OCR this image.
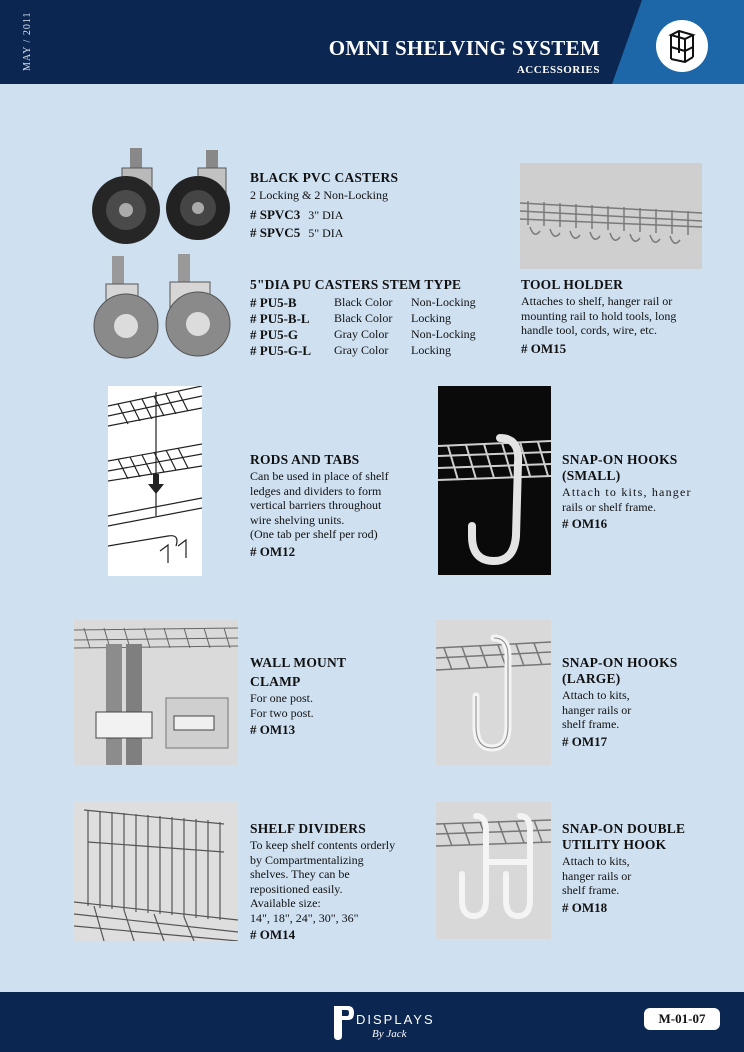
MAY / 2011	OMNI SHELVING SYSTEM
ACCESSORIES
BLACK PVC CASTERS
2 Locking & 2 Non-Locking
# SPVC3 3" DIA
# SPVC5 5" DIA
5"DIA PU CASTERS STEM TYPE
# PU5-B	Black Color	Non-Locking
# PU5-B-L	Black Color	Locking
# PU5-G	Gray Color	Non-Locking
# PU5-G-L	Gray Color	Locking
TOOL HOLDER
Attaches to shelf, hanger rail or
mounting rail to hold tools, long
handle tool, cords, wire, etc.
# OM15
RODS AND TABS
Can be used in place of shelf
ledges and dividers to form
vertical barriers throughout
wire shelving units.
(One tab per shelf per rod)
# OM12
SNAP-ON HOOKS
(SMALL)
Attach to kits, hanger
rails or shelf frame.
# OM16
WALL MOUNT
CLAMP
For one post.
For two post.
# OM13
SNAP-ON HOOKS
(LARGE)
Attach to kits,
hanger rails or
shelf frame.
# OM17
SHELF DIVIDERS
To keep shelf contents orderly
by Compartmentalizing
shelves. They can be
repositioned easily.
Available size:
14", 18", 24", 30", 36"
# OM14
SNAP-ON DOUBLE
UTILITY HOOK
Attach to kits,
hanger rails or
shelf frame.
# OM18
DISPLAYS
By Jack
M-01-07
